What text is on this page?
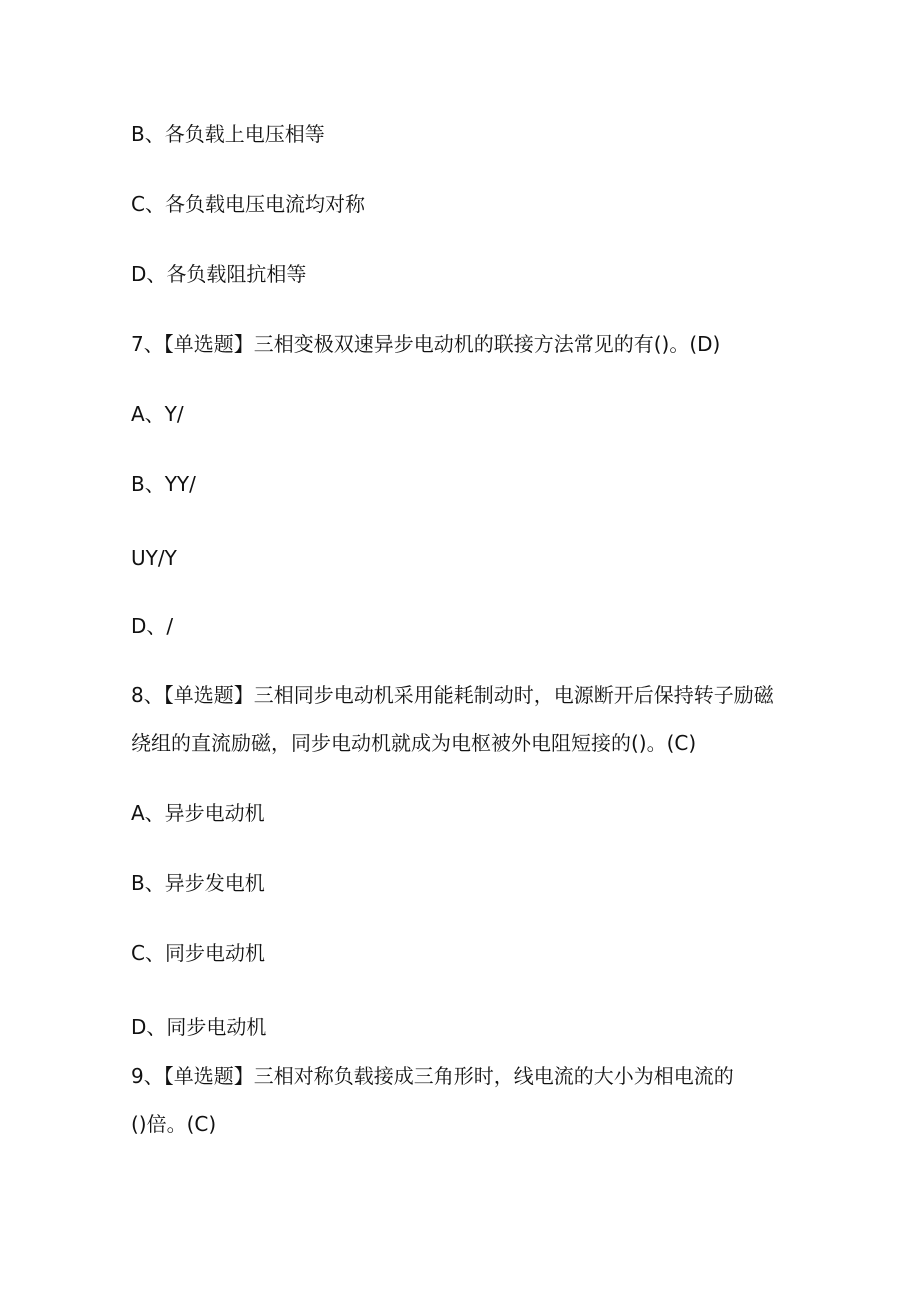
B、各负载上电压相等

C、各负载电压电流均对称

D、各负载阻抗相等

7、【单选题】三相变极双速异步电动机的联接方法常见的有()。(D)

A、Y/

B、YY/

UY/Y

D、/

8、【单选题】三相同步电动机采用能耗制动时，电源断开后保持转子励磁

绕组的直流励磁，同步电动机就成为电枢被外电阻短接的()。(C)

A、异步电动机

B、异步发电机

C、同步电动机

D、同步电动机

9、【单选题】三相对称负载接成三角形时，线电流的大小为相电流的

()倍。(C)
